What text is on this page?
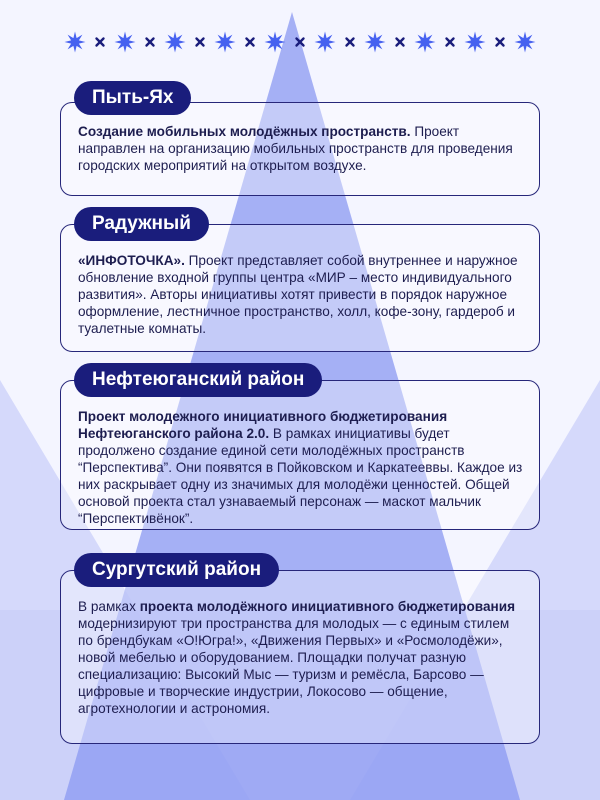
Создание мобильных молодёжных пространств. Проект направлен на организацию мобильных пространств для проведения городских мероприятий на открытом воздухе.
Пыть-Ях
«ИНФОТОЧКА». Проект представляет собой внутреннее и наружное обновление входной группы центра «МИР – место индивидуального развития». Авторы инициативы хотят привести в порядок наружное оформление, лестничное пространство, холл, кофе-зону, гардероб и туалетные комнаты.
Радужный
Проект молодежного инициативного бюджетирования Нефтеюганского района 2.0. В рамках инициативы будет продолжено создание единой сети молодёжных пространств “Перспектива”. Они появятся в Пойковском и Каркатееввы. Каждое из них раскрывает одну из значимых для молодёжи ценностей. Общей основой проекта стал узнаваемый персонаж — маскот мальчик “Перспективёнок”.
Нефтеюганский район
В рамках проекта молодёжного инициативного бюджетирования модернизируют три пространства для молодых — с единым стилем по брендбукам «О!Югра!», «Движения Первых» и «Росмолодёжи», новой мебелью и оборудованием. Площадки получат разную специализацию: Высокий Мыс — туризм и ремёсла, Барсово — цифровые и творческие индустрии, Локосово — общение, агротехнологии и астрономия.
Сургутский район
